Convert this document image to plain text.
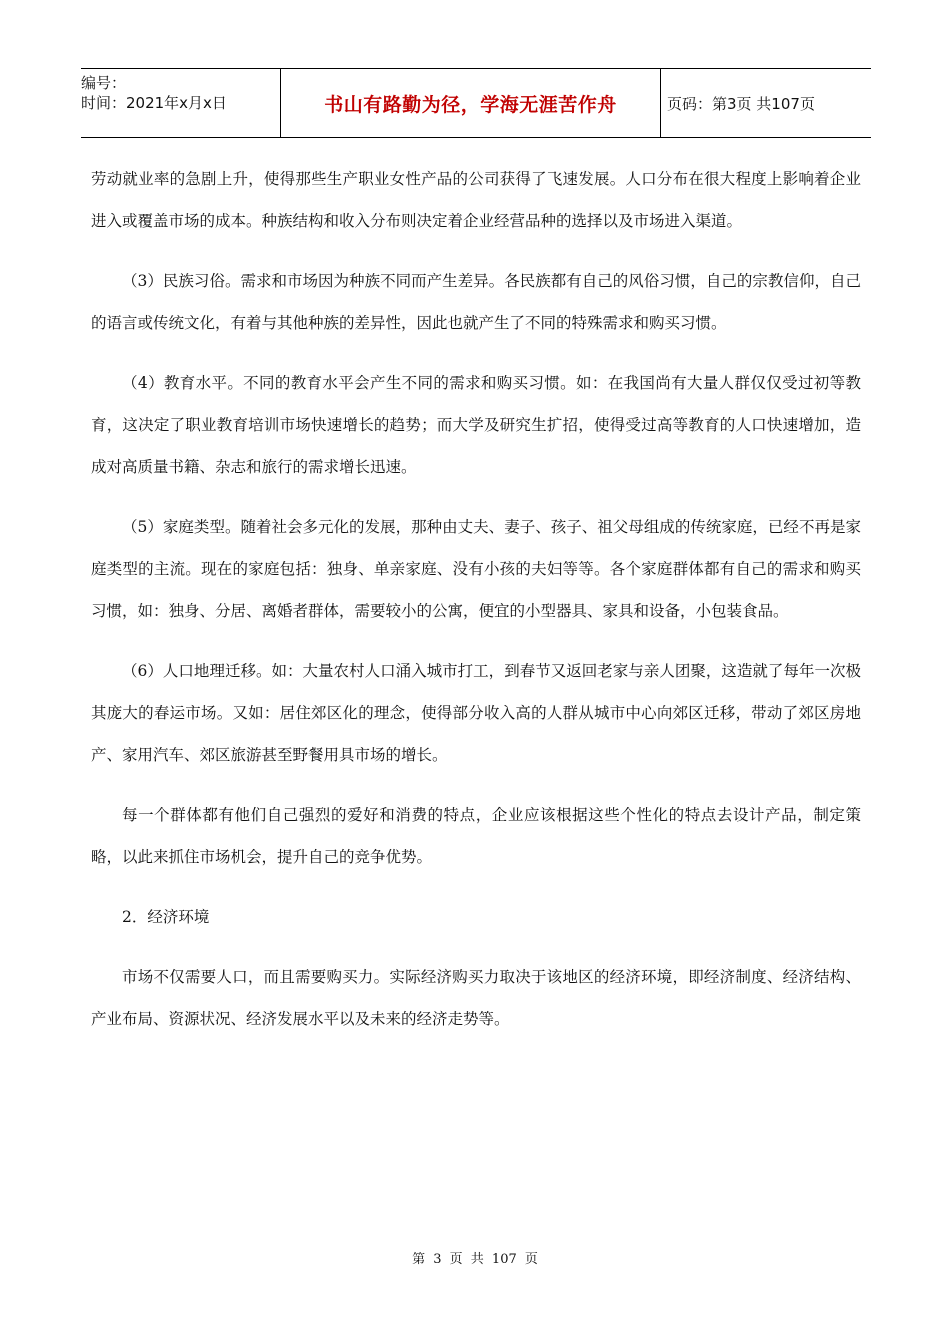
编号：
时间：2021年x月x日	书山有路勤为径，学海无涯苦作舟	页码：第3页 共107页

劳动就业率的急剧上升，使得那些生产职业女性产品的公司获得了飞速发展。人口分布在很大程度上影响着企业进入或覆盖市场的成本。种族结构和收入分布则决定着企业经营品种的选择以及市场进入渠道。

（3）民族习俗。需求和市场因为种族不同而产生差异。各民族都有自己的风俗习惯，自己的宗教信仰，自己的语言或传统文化，有着与其他种族的差异性，因此也就产生了不同的特殊需求和购买习惯。

（4）教育水平。不同的教育水平会产生不同的需求和购买习惯。如：在我国尚有大量人群仅仅受过初等教育，这决定了职业教育培训市场快速增长的趋势；而大学及研究生扩招，使得受过高等教育的人口快速增加，造成对高质量书籍、杂志和旅行的需求增长迅速。

（5）家庭类型。随着社会多元化的发展，那种由丈夫、妻子、孩子、祖父母组成的传统家庭，已经不再是家庭类型的主流。现在的家庭包括：独身、单亲家庭、没有小孩的夫妇等等。各个家庭群体都有自己的需求和购买习惯，如：独身、分居、离婚者群体，需要较小的公寓，便宜的小型器具、家具和设备，小包装食品。

（6）人口地理迁移。如：大量农村人口涌入城市打工，到春节又返回老家与亲人团聚，这造就了每年一次极其庞大的春运市场。又如：居住郊区化的理念，使得部分收入高的人群从城市中心向郊区迁移，带动了郊区房地产、家用汽车、郊区旅游甚至野餐用具市场的增长。

每一个群体都有他们自己强烈的爱好和消费的特点，企业应该根据这些个性化的特点去设计产品，制定策略，以此来抓住市场机会，提升自己的竞争优势。

2．经济环境

市场不仅需要人口，而且需要购买力。实际经济购买力取决于该地区的经济环境，即经济制度、经济结构、产业布局、资源状况、经济发展水平以及未来的经济走势等。

第 3 页 共 107 页
